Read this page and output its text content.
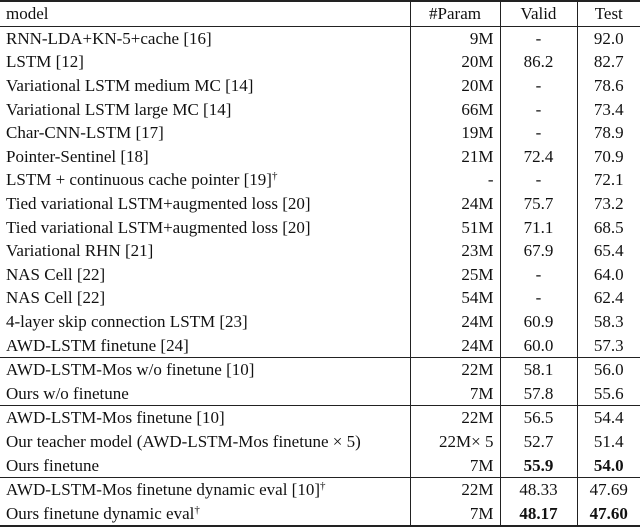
model	#Param	Valid	Test
RNN-LDA+KN-5+cache [16]	9M	-	92.0
LSTM [12]	20M	86.2	82.7
Variational LSTM medium MC [14]	20M	-	78.6
Variational LSTM large MC [14]	66M	-	73.4
Char-CNN-LSTM [17]	19M	-	78.9
Pointer-Sentinel [18]	21M	72.4	70.9
LSTM + continuous cache pointer [19]†	-	-	72.1
Tied variational LSTM+augmented loss [20]	24M	75.7	73.2
Tied variational LSTM+augmented loss [20]	51M	71.1	68.5
Variational RHN [21]	23M	67.9	65.4
NAS Cell [22]	25M	-	64.0
NAS Cell [22]	54M	-	62.4
4-layer skip connection LSTM [23]	24M	60.9	58.3
AWD-LSTM finetune [24]	24M	60.0	57.3
AWD-LSTM-Mos w/o finetune [10]	22M	58.1	56.0
Ours w/o finetune	7M	57.8	55.6
AWD-LSTM-Mos finetune [10]	22M	56.5	54.4
Our teacher model (AWD-LSTM-Mos finetune × 5)	22M× 5	52.7	51.4
Ours finetune	7M	55.9	54.0
AWD-LSTM-Mos finetune dynamic eval [10]†	22M	48.33	47.69
Ours finetune dynamic eval†	7M	48.17	47.60
